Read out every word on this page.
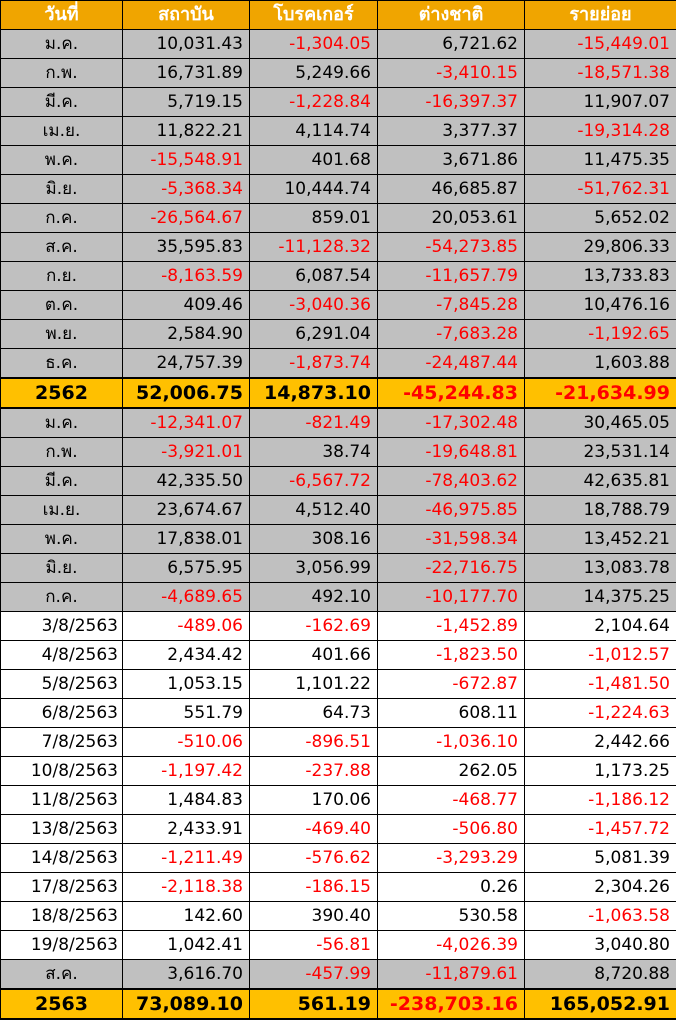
วันที่	สถาบัน	โบรคเกอร์	ต่างชาติ	รายย่อย
ม.ค.	10,031.43	-1,304.05	6,721.62	-15,449.01
ก.พ.	16,731.89	5,249.66	-3,410.15	-18,571.38
มี.ค.	5,719.15	-1,228.84	-16,397.37	11,907.07
เม.ย.	11,822.21	4,114.74	3,377.37	-19,314.28
พ.ค.	-15,548.91	401.68	3,671.86	11,475.35
มิ.ย.	-5,368.34	10,444.74	46,685.87	-51,762.31
ก.ค.	-26,564.67	859.01	20,053.61	5,652.02
ส.ค.	35,595.83	-11,128.32	-54,273.85	29,806.33
ก.ย.	-8,163.59	6,087.54	-11,657.79	13,733.83
ต.ค.	409.46	-3,040.36	-7,845.28	10,476.16
พ.ย.	2,584.90	6,291.04	-7,683.28	-1,192.65
ธ.ค.	24,757.39	-1,873.74	-24,487.44	1,603.88
2562	52,006.75	14,873.10	-45,244.83	-21,634.99
ม.ค.	-12,341.07	-821.49	-17,302.48	30,465.05
ก.พ.	-3,921.01	38.74	-19,648.81	23,531.14
มี.ค.	42,335.50	-6,567.72	-78,403.62	42,635.81
เม.ย.	23,674.67	4,512.40	-46,975.85	18,788.79
พ.ค.	17,838.01	308.16	-31,598.34	13,452.21
มิ.ย.	6,575.95	3,056.99	-22,716.75	13,083.78
ก.ค.	-4,689.65	492.10	-10,177.70	14,375.25
3/8/2563	-489.06	-162.69	-1,452.89	2,104.64
4/8/2563	2,434.42	401.66	-1,823.50	-1,012.57
5/8/2563	1,053.15	1,101.22	-672.87	-1,481.50
6/8/2563	551.79	64.73	608.11	-1,224.63
7/8/2563	-510.06	-896.51	-1,036.10	2,442.66
10/8/2563	-1,197.42	-237.88	262.05	1,173.25
11/8/2563	1,484.83	170.06	-468.77	-1,186.12
13/8/2563	2,433.91	-469.40	-506.80	-1,457.72
14/8/2563	-1,211.49	-576.62	-3,293.29	5,081.39
17/8/2563	-2,118.38	-186.15	0.26	2,304.26
18/8/2563	142.60	390.40	530.58	-1,063.58
19/8/2563	1,042.41	-56.81	-4,026.39	3,040.80
ส.ค.	3,616.70	-457.99	-11,879.61	8,720.88
2563	73,089.10	561.19	-238,703.16	165,052.91
